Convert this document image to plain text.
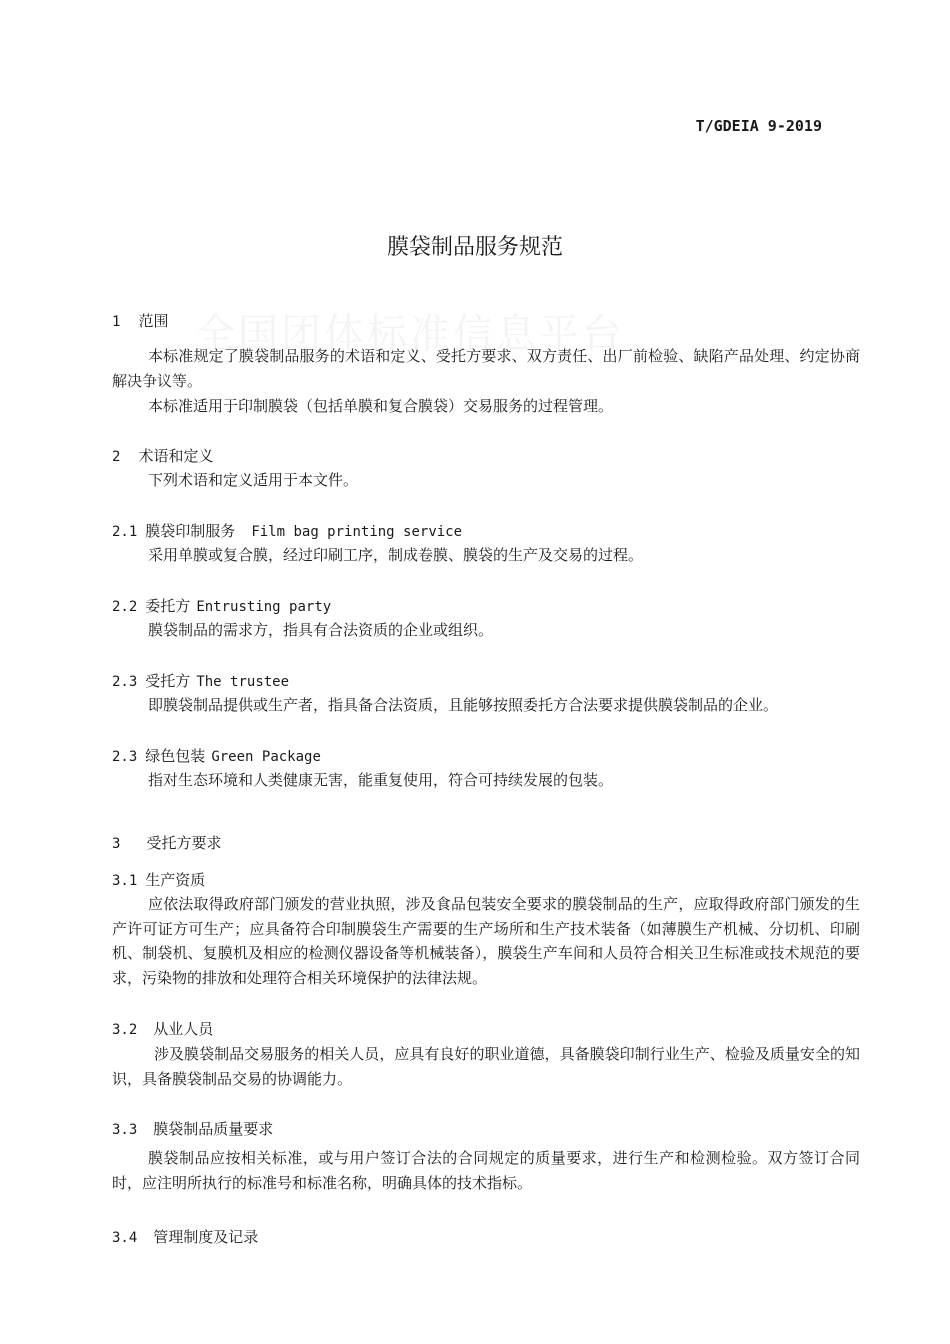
T/GDEIA 9-2019
膜袋制品服务规范
1 范围

本标准规定了膜袋制品服务的术语和定义、受托方要求、双方责任、出厂前检验、缺陷产品处理、约定协商解决争议等。

本标准适用于印制膜袋（包括单膜和复合膜袋）交易服务的过程管理。

2 术语和定义

下列术语和定义适用于本文件。

2.1 膜袋印制服务 Film bag printing service

采用单膜或复合膜，经过印刷工序，制成卷膜、膜袋的生产及交易的过程。

2.2 委托方 Entrusting party

膜袋制品的需求方，指具有合法资质的企业或组织。

2.3 受托方 The trustee

即膜袋制品提供或生产者，指具备合法资质，且能够按照委托方合法要求提供膜袋制品的企业。

2.3 绿色包装 Green Package

指对生态环境和人类健康无害，能重复使用，符合可持续发展的包装。

3 受托方要求
3.1 生产资质

应依法取得政府部门颁发的营业执照，涉及食品包装安全要求的膜袋制品的生产，应取得政府部门颁发的生产许可证方可生产；应具备符合印制膜袋生产需要的生产场所和生产技术装备（如薄膜生产机械、分切机、印刷机、制袋机、复膜机及相应的检测仪器设备等机械装备），膜袋生产车间和人员符合相关卫生标准或技术规范的要求，污染物的排放和处理符合相关环境保护的法律法规。

3.2 从业人员

涉及膜袋制品交易服务的相关人员，应具有良好的职业道德，具备膜袋印制行业生产、检验及质量安全的知识，具备膜袋制品交易的协调能力。

3.3 膜袋制品质量要求

膜袋制品应按相关标准，或与用户签订合法的合同规定的质量要求，进行生产和检测检验。双方签订合同时，应注明所执行的标准号和标准名称，明确具体的技术指标。

3.4 管理制度及记录
